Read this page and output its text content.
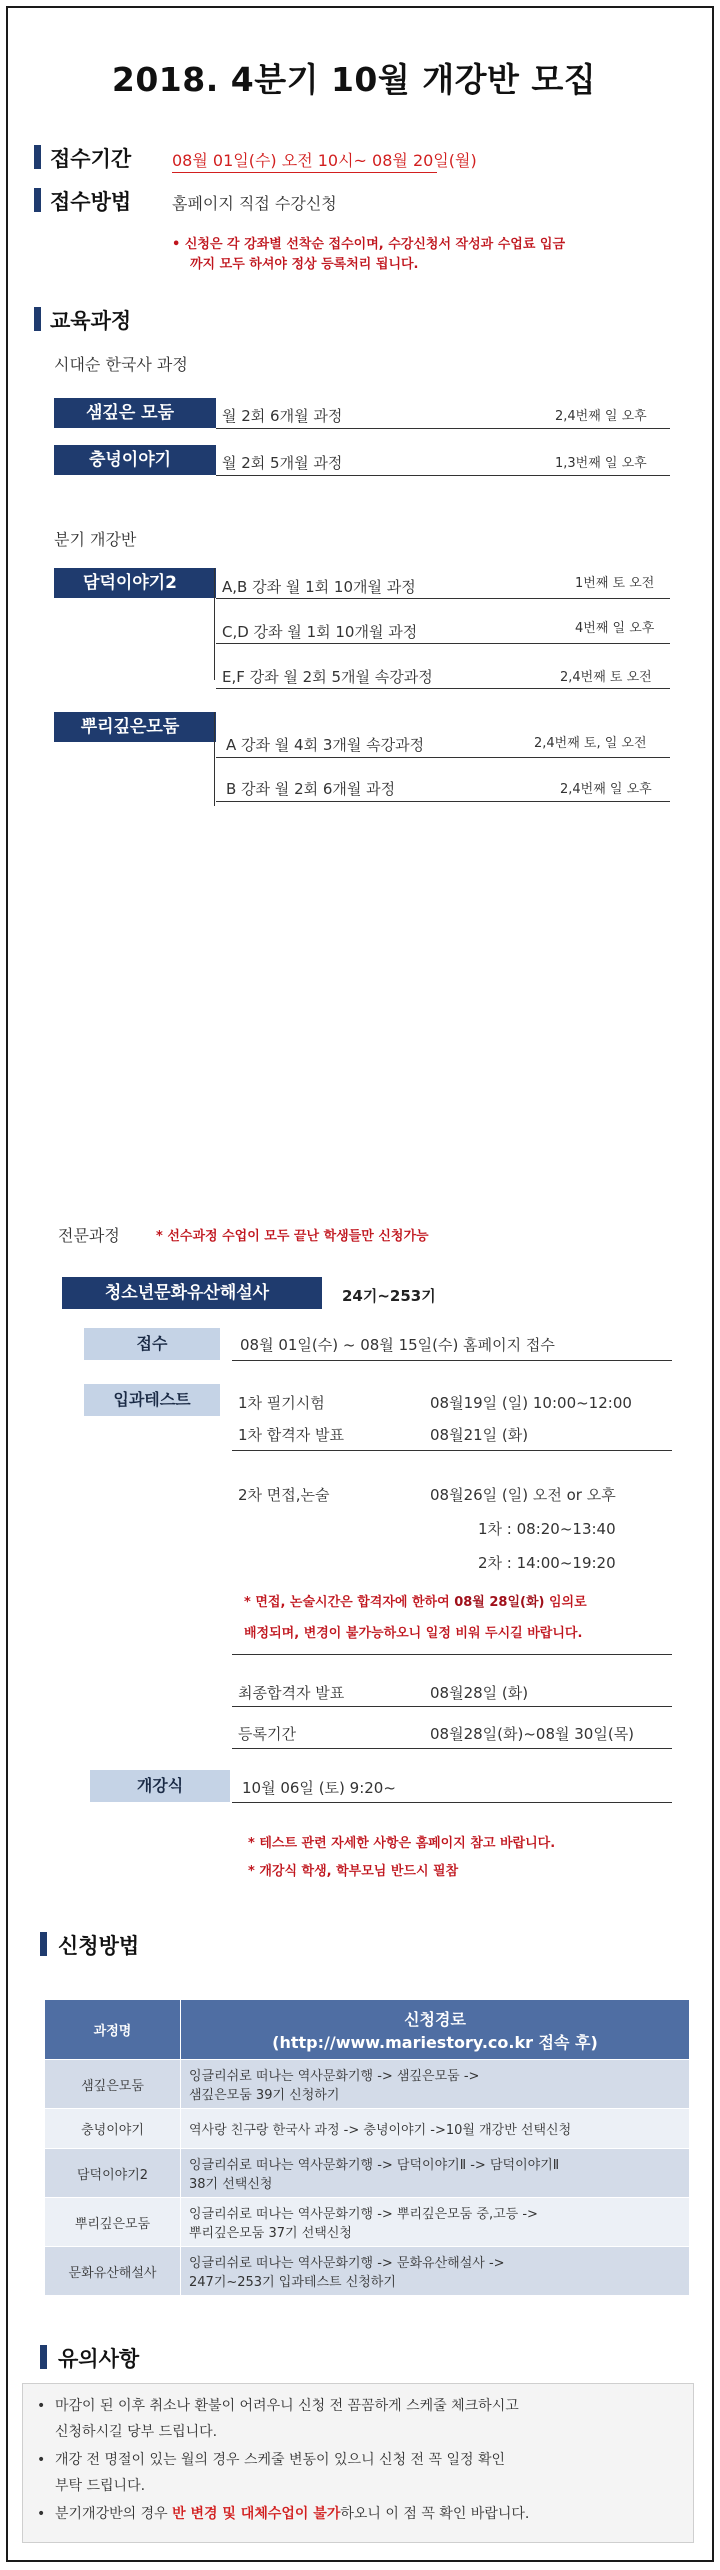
2018. 4분기 10월 개강반 모집
접수기간	08월 01일(수) 오전 10시~ 08월 20일(월)
접수방법	홈페이지 직접 수강신청
• 신청은 각 강좌별 선착순 접수이며, 수강신청서 작성과 수업료 입금
까지 모두 하셔야 정상 등록처리 됩니다.
교육과정
시대순 한국사 과정
샘깊은 모둠	월 2회 6개월 과정	2,4번째 일 오후
충녕이야기	월 2회 5개월 과정	1,3번째 일 오후
분기 개강반
담덕이야기2	A,B 강좌 월 1회 10개월 과정	1번째 토 오전
C,D 강좌 월 1회 10개월 과정	4번째 일 오후
E,F 강좌 월 2회 5개월 속강과정	2,4번째 토 오전
뿌리깊은모둠
A 강좌 월 4회 3개월 속강과정	2,4번째 토, 일 오전
B 강좌 월 2회 6개월 과정	2,4번째 일 오후
전문과정	* 선수과정 수업이 모두 끝난 학생들만 신청가능
청소년문화유산해설사	24기~253기
접수	08월 01일(수) ~ 08월 15일(수) 홈페이지 접수
입과테스트	1차 필기시험	08월19일 (일) 10:00~12:00
1차 합격자 발표	08월21일 (화)
2차 면접,논술	08월26일 (일) 오전 or 오후
1차 : 08:20~13:40
2차 : 14:00~19:20
* 면접, 논술시간은 합격자에 한하여 08월 28일(화) 임의로
배정되며, 변경이 불가능하오니 일정 비워 두시길 바랍니다.
최종합격자 발표	08월28일 (화)
등록기간	08월28일(화)~08월 30일(목)
개강식	10월 06일 (토) 9:20~
* 테스트 관련 자세한 사항은 홈페이지 참고 바랍니다.
* 개강식 학생, 학부모님 반드시 필참
신청방법
과정명	신청경로
(http://www.mariestory.co.kr 접속 후)

샘깊은모둠	잉글리쉬로 떠나는 역사문화기행 -> 샘깊은모둠 ->
샘깊은모둠 39기 신청하기

충녕이야기	역사랑 친구랑 한국사 과정 -> 충녕이야기 ->10월 개강반 선택신청

담덕이야기2	잉글리쉬로 떠나는 역사문화기행 -> 담덕이야기Ⅱ -> 담덕이야기Ⅱ
38기 선택신청

뿌리깊은모둠	잉글리쉬로 떠나는 역사문화기행 -> 뿌리깊은모둠 중,고등 ->
뿌리깊은모둠 37기 선택신청

문화유산해설사	잉글리쉬로 떠나는 역사문화기행 -> 문화유산해설사 ->
247기~253기 입과테스트 신청하기
유의사항
• 마감이 된 이후 취소나 환불이 어려우니 신청 전 꼼꼼하게 스케줄 체크하시고
신청하시길 당부 드립니다.
• 개강 전 명절이 있는 월의 경우 스케줄 변동이 있으니 신청 전 꼭 일정 확인
부탁 드립니다.
• 분기개강반의 경우 반 변경 및 대체수업이 불가하오니 이 점 꼭 확인 바랍니다.
